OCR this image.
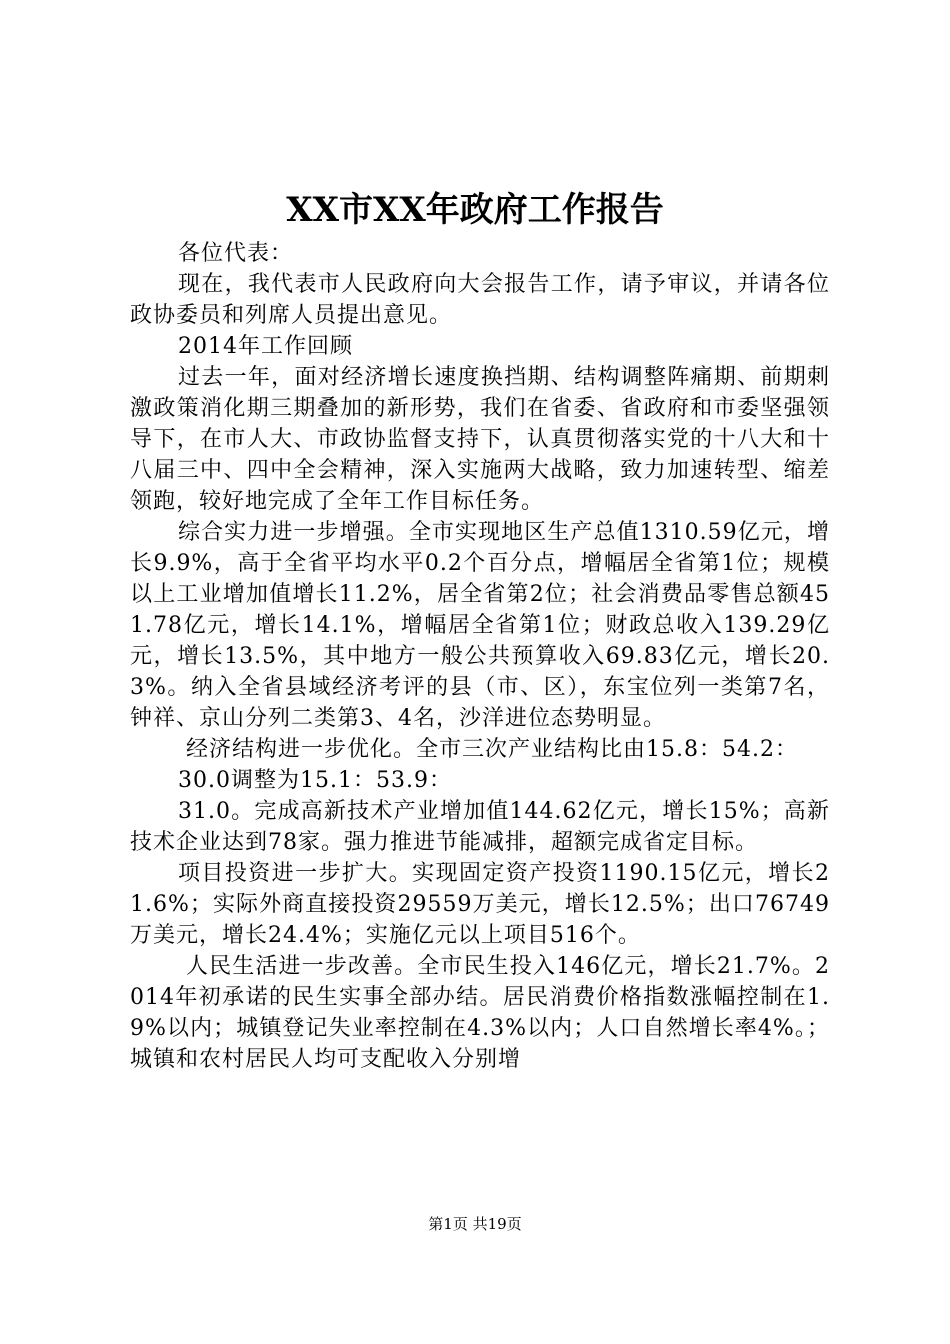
XX市XX年政府工作报告

各位代表：

现在，我代表市人民政府向大会报告工作，请予审议，并请各位政协委员和列席人员提出意见。

2014年工作回顾

过去一年，面对经济增长速度换挡期、结构调整阵痛期、前期刺激政策消化期三期叠加的新形势，我们在省委、省政府和市委坚强领导下，在市人大、市政协监督支持下，认真贯彻落实党的十八大和十八届三中、四中全会精神，深入实施两大战略，致力加速转型、缩差领跑，较好地完成了全年工作目标任务。

综合实力进一步增强。全市实现地区生产总值1310.59亿元，增长9.9%，高于全省平均水平0.2个百分点，增幅居全省第1位；规模以上工业增加值增长11.2%，居全省第2位；社会消费品零售总额451.78亿元，增长14.1%，增幅居全省第1位；财政总收入139.29亿元，增长13.5%，其中地方一般公共预算收入69.83亿元，增长20.3%。纳入全省县域经济考评的县（市、区），东宝位列一类第7名，钟祥、京山分列二类第3、4名，沙洋进位态势明显。

经济结构进一步优化。全市三次产业结构比由15.8：54.2：

30.0调整为15.1：53.9：

31.0。完成高新技术产业增加值144.62亿元，增长15%；高新技术企业达到78家。强力推进节能减排，超额完成省定目标。

项目投资进一步扩大。实现固定资产投资1190.15亿元，增长21.6%；实际外商直接投资29559万美元，增长12.5%；出口76749万美元，增长24.4%；实施亿元以上项目516个。

人民生活进一步改善。全市民生投入146亿元，增长21.7%。2014年初承诺的民生实事全部办结。居民消费价格指数涨幅控制在1.9%以内；城镇登记失业率控制在4.3%以内；人口自然增长率4%。；城镇和农村居民人均可支配收入分别增

第1页 共19页
